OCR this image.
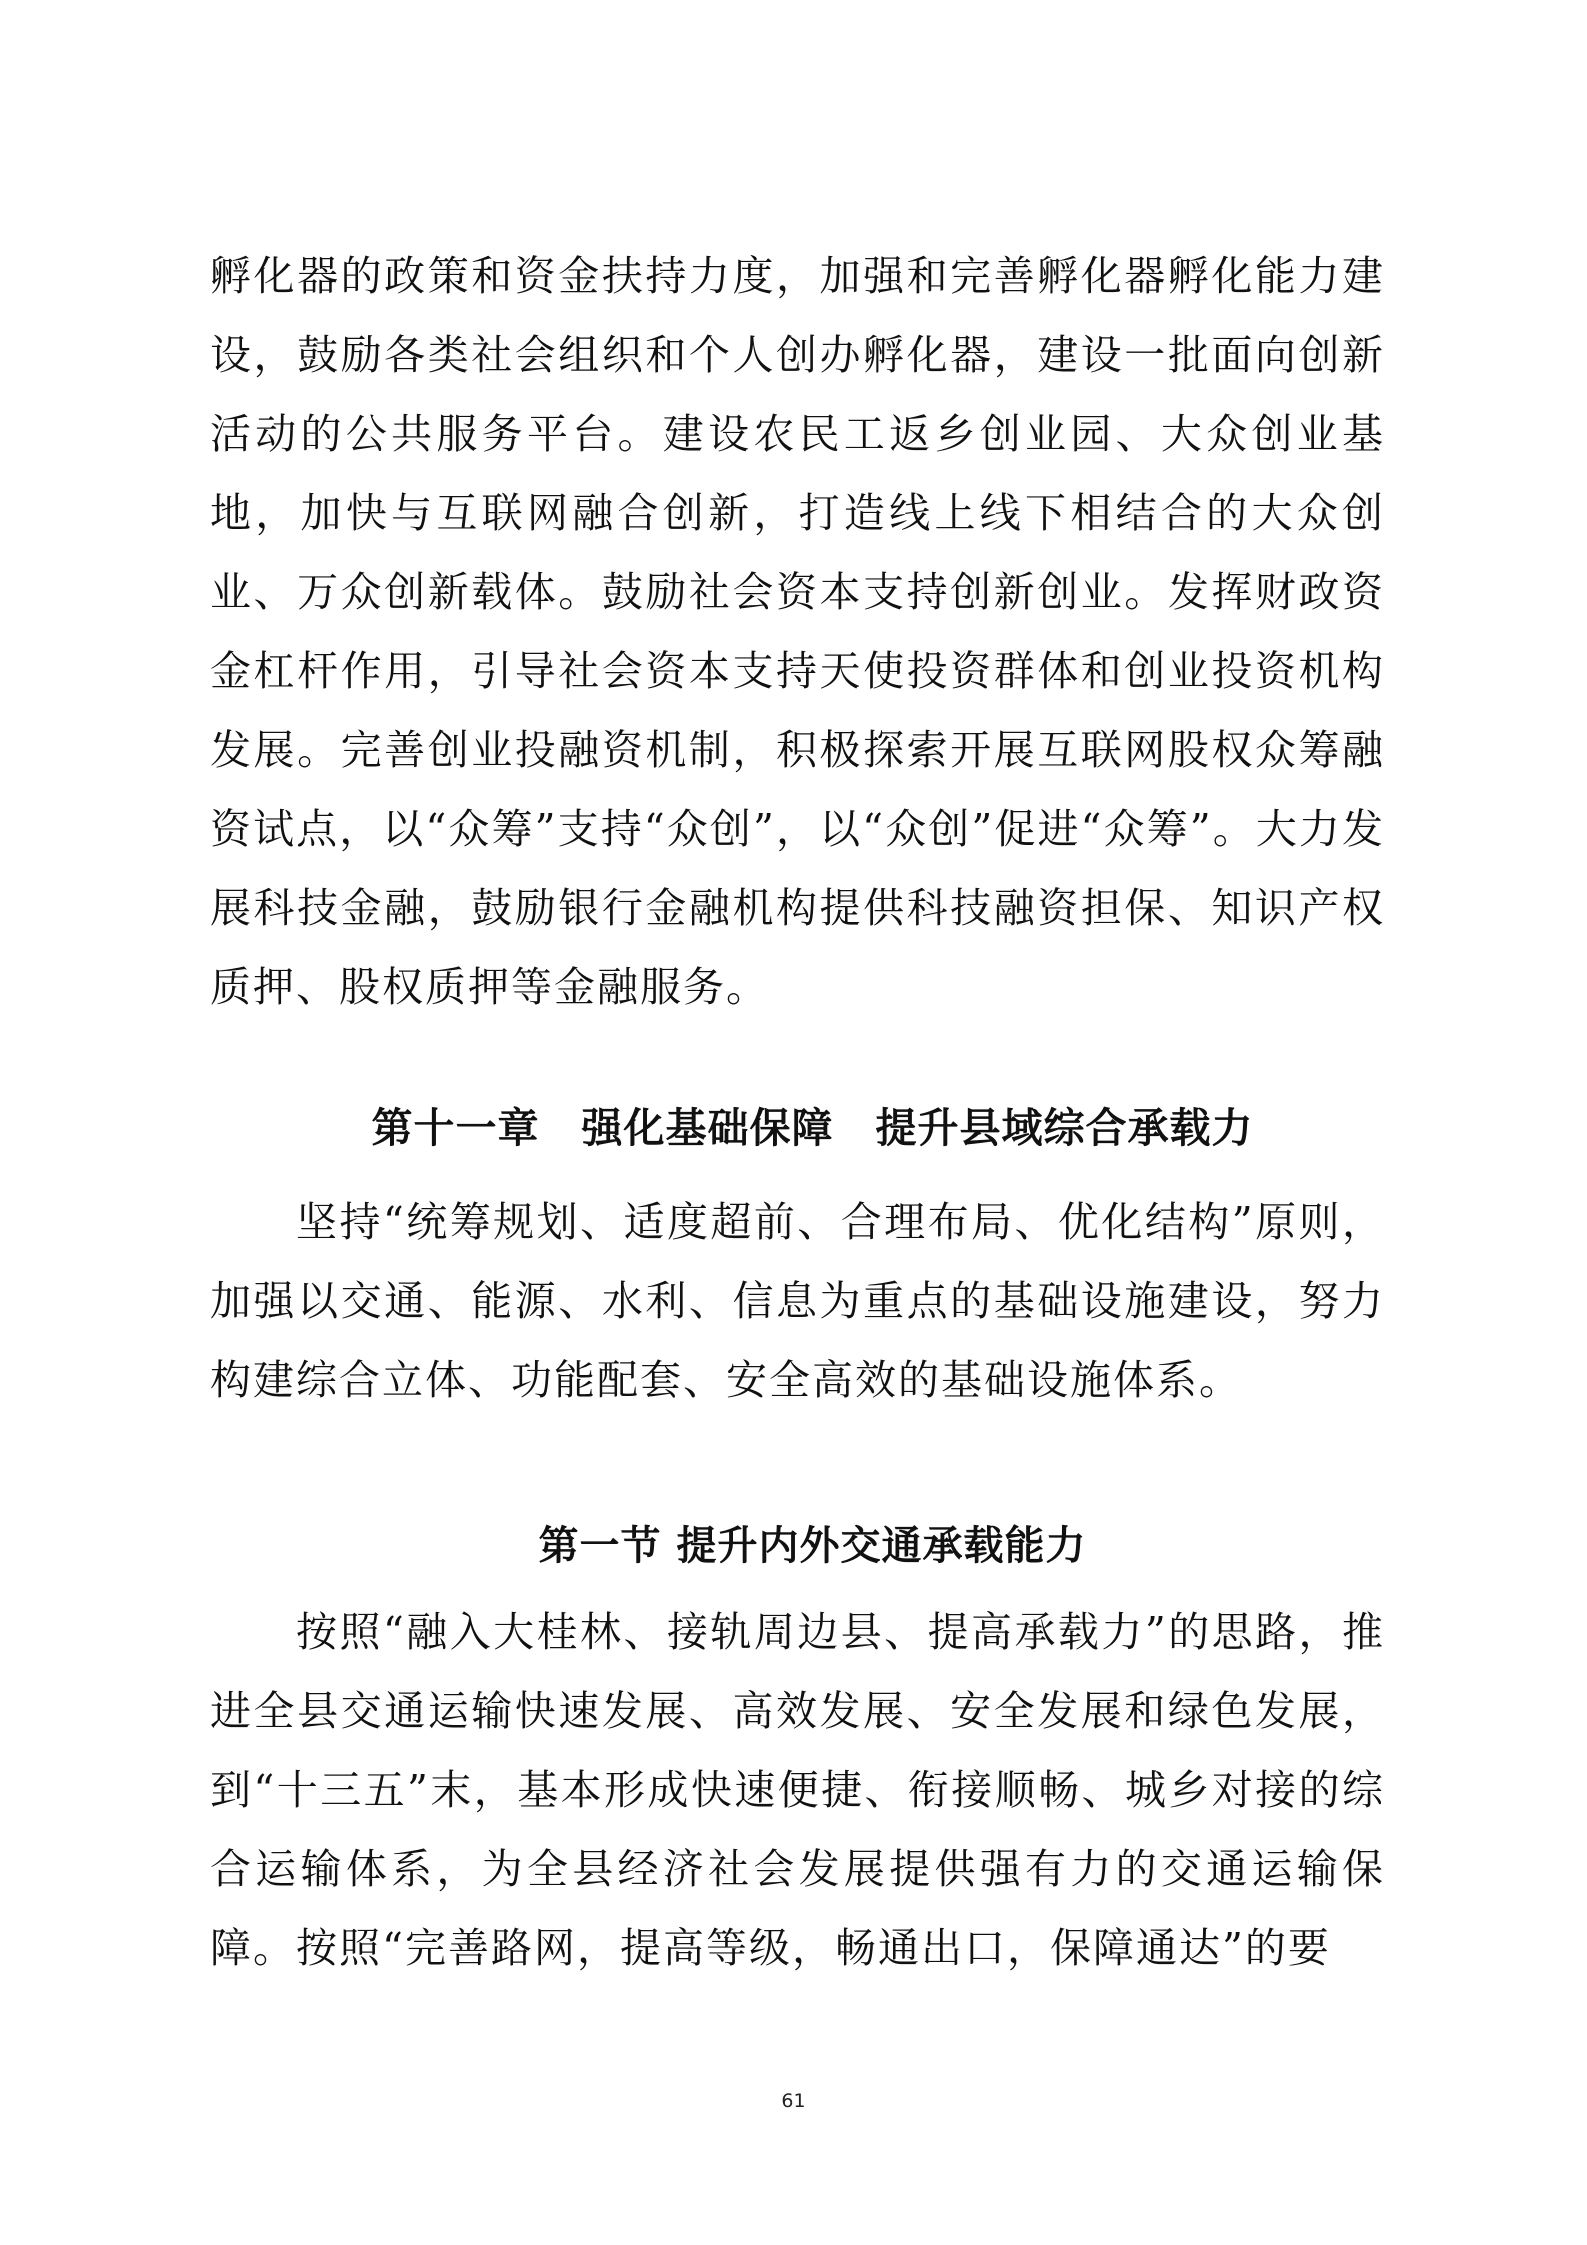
孵化器的政策和资金扶持力度，加强和完善孵化器孵化能力建设，鼓励各类社会组织和个人创办孵化器，建设一批面向创新活动的公共服务平台。建设农民工返乡创业园、大众创业基地，加快与互联网融合创新，打造线上线下相结合的大众创业、万众创新载体。鼓励社会资本支持创新创业。发挥财政资金杠杆作用，引导社会资本支持天使投资群体和创业投资机构发展。完善创业投融资机制，积极探索开展互联网股权众筹融资试点，以“众筹”支持“众创”，以“众创”促进“众筹”。大力发展科技金融，鼓励银行金融机构提供科技融资担保、知识产权质押、股权质押等金融服务。

第十一章　强化基础保障　提升县域综合承载力

坚持“统筹规划、适度超前、合理布局、优化结构”原则，加强以交通、能源、水利、信息为重点的基础设施建设，努力构建综合立体、功能配套、安全高效的基础设施体系。

第一节 提升内外交通承载能力

按照“融入大桂林、接轨周边县、提高承载力”的思路，推进全县交通运输快速发展、高效发展、安全发展和绿色发展，到“十三五”末，基本形成快速便捷、衔接顺畅、城乡对接的综合运输体系，为全县经济社会发展提供强有力的交通运输保障。按照“完善路网，提高等级，畅通出口，保障通达”的要

61
